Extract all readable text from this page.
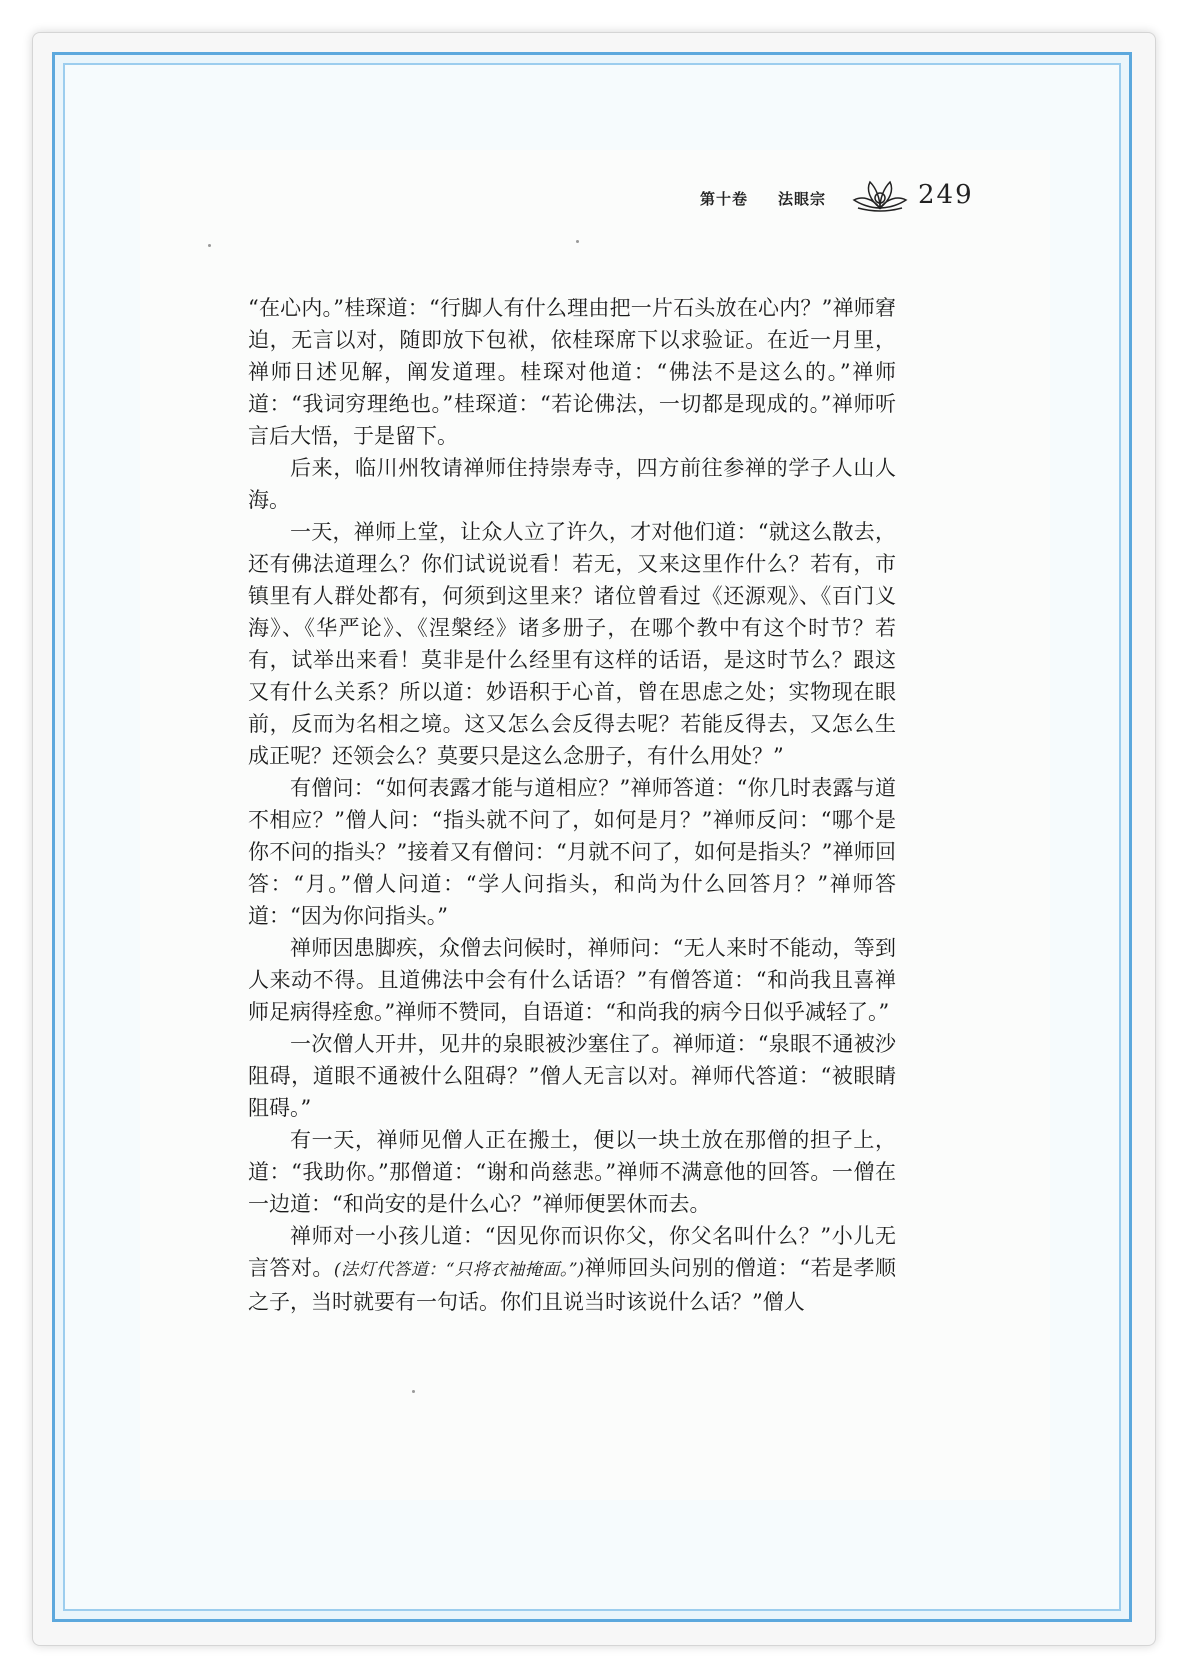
第十卷 法眼宗	249

“在心内。”桂琛道：“行脚人有什么理由把一片石头放在心内？”禅师窘迫，无言以对，随即放下包袱，依桂琛席下以求验证。在近一月里，禅师日述见解，阐发道理。桂琛对他道：“佛法不是这么的。”禅师道：“我词穷理绝也。”桂琛道：“若论佛法，一切都是现成的。”禅师听言后大悟，于是留下。

后来，临川州牧请禅师住持崇寿寺，四方前往参禅的学子人山人海。

一天，禅师上堂，让众人立了许久，才对他们道：“就这么散去，还有佛法道理么？你们试说说看！若无，又来这里作什么？若有，市镇里有人群处都有，何须到这里来？诸位曾看过《还源观》、《百门义海》、《华严论》、《涅槃经》诸多册子，在哪个教中有这个时节？若有，试举出来看！莫非是什么经里有这样的话语，是这时节么？跟这又有什么关系？所以道：妙语积于心首，曾在思虑之处；实物现在眼前，反而为名相之境。这又怎么会反得去呢？若能反得去，又怎么生成正呢？还领会么？莫要只是这么念册子，有什么用处？”

有僧问：“如何表露才能与道相应？”禅师答道：“你几时表露与道不相应？”僧人问：“指头就不问了，如何是月？”禅师反问：“哪个是你不问的指头？”接着又有僧问：“月就不问了，如何是指头？”禅师回答：“月。”僧人问道：“学人问指头，和尚为什么回答月？”禅师答道：“因为你问指头。”

禅师因患脚疾，众僧去问候时，禅师问：“无人来时不能动，等到人来动不得。且道佛法中会有什么话语？”有僧答道：“和尚我且喜禅师足病得痊愈。”禅师不赞同，自语道：“和尚我的病今日似乎减轻了。”

一次僧人开井，见井的泉眼被沙塞住了。禅师道：“泉眼不通被沙阻碍，道眼不通被什么阻碍？”僧人无言以对。禅师代答道：“被眼睛阻碍。”

有一天，禅师见僧人正在搬土，便以一块土放在那僧的担子上，道：“我助你。”那僧道：“谢和尚慈悲。”禅师不满意他的回答。一僧在一边道：“和尚安的是什么心？”禅师便罢休而去。

禅师对一小孩儿道：“因见你而识你父，你父名叫什么？”小儿无言答对。(法灯代答道：“只将衣袖掩面。”)禅师回头问别的僧道：“若是孝顺之子，当时就要有一句话。你们且说当时该说什么话？”僧人
